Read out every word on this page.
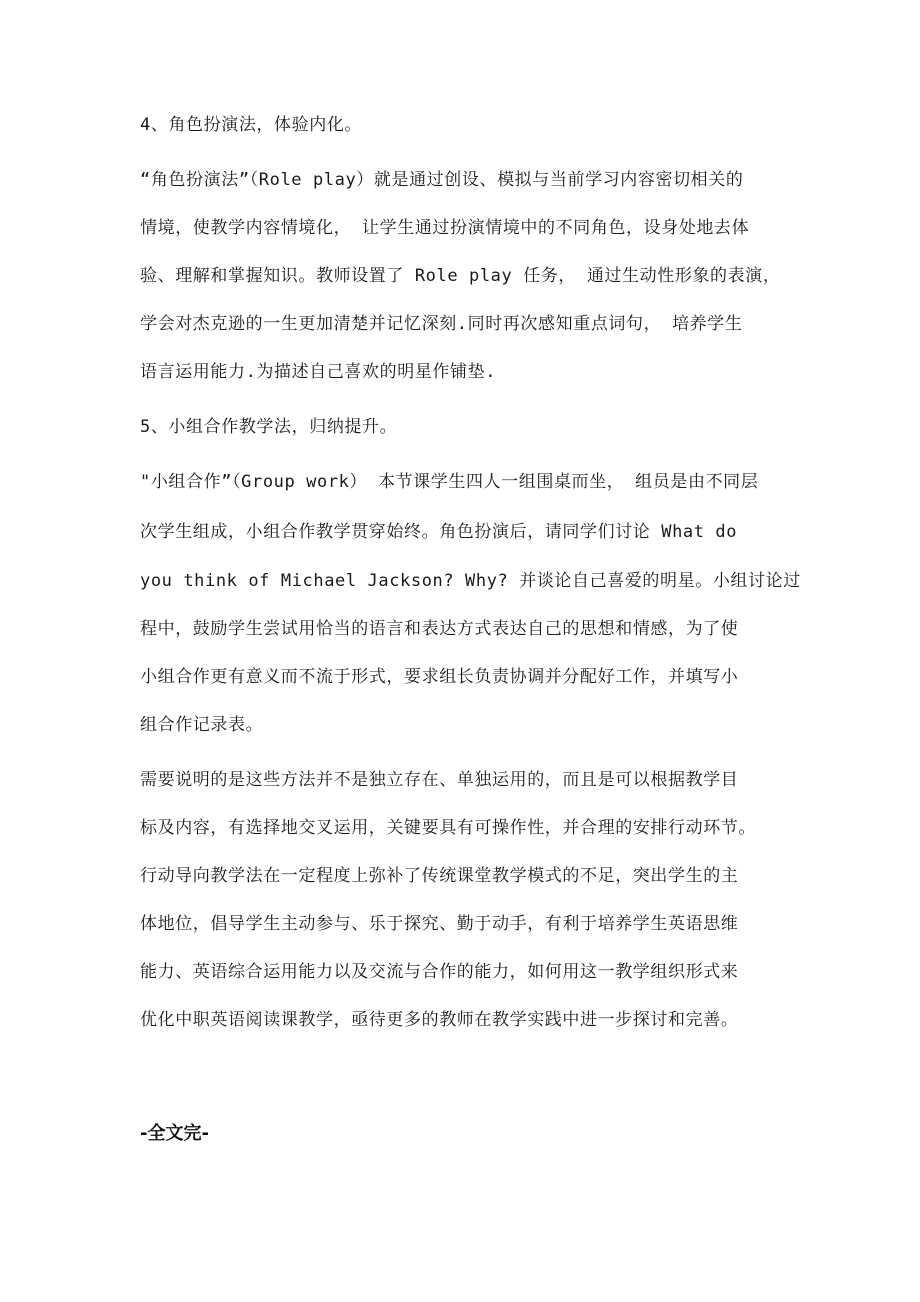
4、角色扮演法，体验内化。
“角色扮演法”（Role play）就是通过创设、模拟与当前学习内容密切相关的
情境，使教学内容情境化， 让学生通过扮演情境中的不同角色，设身处地去体
验、理解和掌握知识。教师设置了 Role play 任务， 通过生动性形象的表演，
学会对杰克逊的一生更加清楚并记忆深刻.同时再次感知重点词句， 培养学生
语言运用能力.为描述自己喜欢的明星作铺垫.
5、小组合作教学法，归纳提升。
"小组合作”（Group work） 本节课学生四人一组围桌而坐， 组员是由不同层
次学生组成，小组合作教学贯穿始终。角色扮演后，请同学们讨论 What do
you think of Michael Jackson? Why? 并谈论自己喜爱的明星。小组讨论过
程中，鼓励学生尝试用恰当的语言和表达方式表达自己的思想和情感，为了使
小组合作更有意义而不流于形式，要求组长负责协调并分配好工作，并填写小
组合作记录表。
需要说明的是这些方法并不是独立存在、单独运用的，而且是可以根据教学目
标及内容，有选择地交叉运用，关键要具有可操作性，并合理的安排行动环节。
行动导向教学法在一定程度上弥补了传统课堂教学模式的不足，突出学生的主
体地位，倡导学生主动参与、乐于探究、勤于动手，有利于培养学生英语思维
能力、英语综合运用能力以及交流与合作的能力，如何用这一教学组织形式来
优化中职英语阅读课教学，亟待更多的教师在教学实践中进一步探讨和完善。
-全文完-
